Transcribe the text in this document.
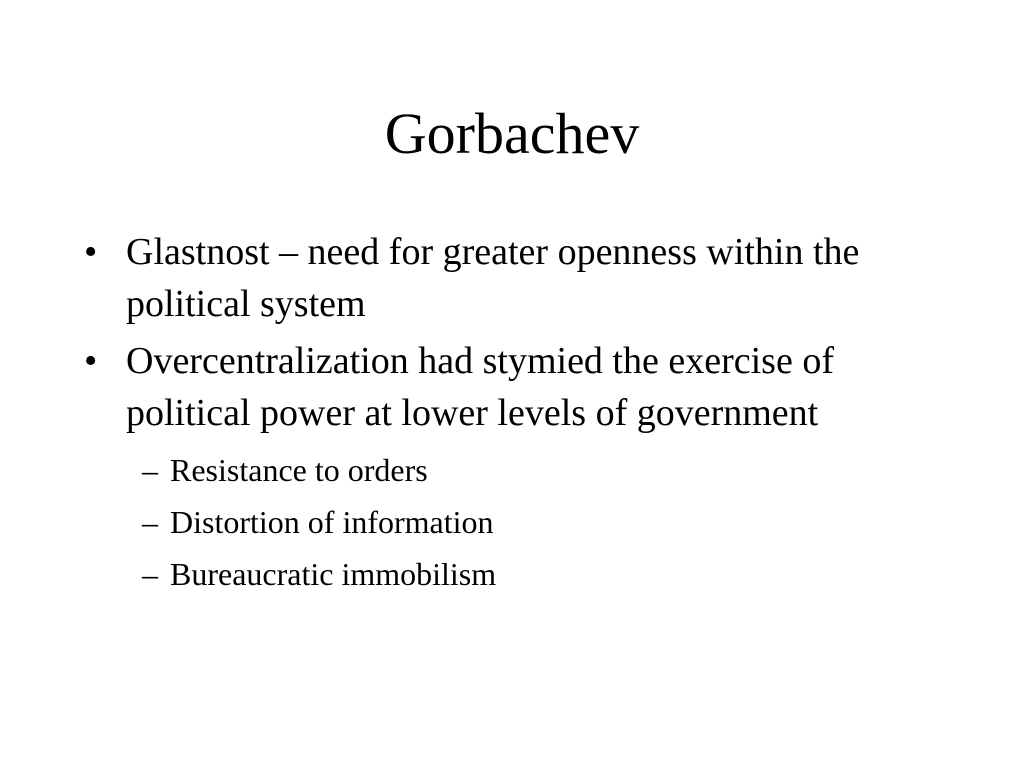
Gorbachev
• Glastnost – need for greater openness within the political system
• Overcentralization had stymied the exercise of political power at lower levels of government
– Resistance to orders
– Distortion of information
– Bureaucratic immobilism
